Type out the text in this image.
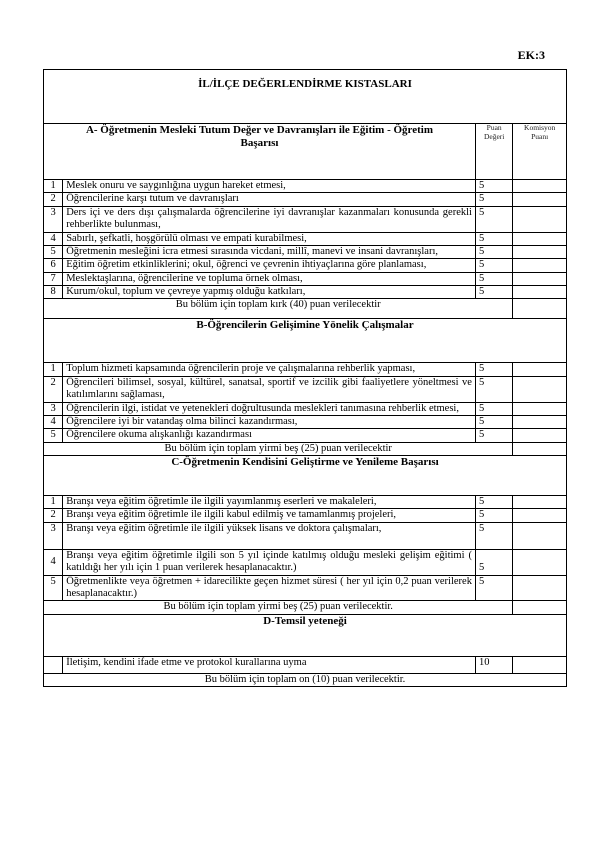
EK:3
İL/İLÇE DEĞERLENDİRME KISTASLARI			
A- Öğretmenin Mesleki Tutum Değer ve Davranışları ile Eğitim - Öğretim Başarısı		Puan Değeri	Komisyon Puanı
1	Meslek onuru ve saygınlığına uygun hareket etmesi,	5	
2	Öğrencilerine karşı tutum ve davranışları	5	
3	Ders içi ve ders dışı çalışmalarda öğrencilerine iyi davranışlar kazanmaları konusunda gerekli rehberlikte bulunması,	5	
4	Sabırlı, şefkatli, hoşgörülü olması ve empati kurabilmesi,	5	
5	Öğretmenin mesleğini icra etmesi sırasında vicdani, millî, manevi ve insani davranışları,	5	
6	Eğitim öğretim etkinliklerini; okul, öğrenci ve çevrenin ihtiyaçlarına göre planlaması,	5	
7	Meslektaşlarına, öğrencilerine ve topluma örnek olması,	5	
8	Kurum/okul, toplum ve çevreye yapmış olduğu katkıları,	5	
Bu bölüm için toplam kırk (40) puan verilecektir			
B-Öğrencilerin Gelişimine Yönelik Çalışmalar			
1	Toplum hizmeti kapsamında öğrencilerin proje ve çalışmalarına rehberlik yapması,	5	
2	Öğrencileri bilimsel, sosyal, kültürel, sanatsal, sportif ve izcilik gibi faaliyetlere yöneltmesi ve katılımlarını sağlaması,	5	
3	Öğrencilerin ilgi, istidat ve yetenekleri doğrultusunda meslekleri tanımasına rehberlik etmesi,	5	
4	Öğrencilere iyi bir vatandaş olma bilinci kazandırması,	5	
5	Öğrencilere okuma alışkanlığı kazandırması	5	
Bu bölüm için toplam yirmi beş (25) puan verilecektir			
C-Öğretmenin Kendisini Geliştirme ve Yenileme Başarısı			
1	Branşı veya eğitim öğretimle ile ilgili yayımlanmış eserleri ve makaleleri,	5	
2	Branşı veya eğitim öğretimle ile ilgili kabul edilmiş ve tamamlanmış projeleri,	5	
3	Branşı veya eğitim öğretimle ile ilgili yüksek lisans ve doktora çalışmaları,	5	
4	Branşı veya eğitim öğretimle ilgili son 5 yıl içinde katılmış olduğu mesleki gelişim eğitimi ( katıldığı her yılı için 1 puan verilerek hesaplanacaktır.)	5	
5	Öğretmenlikte veya öğretmen + idarecilikte geçen hizmet süresi ( her yıl için 0,2 puan verilerek hesaplanacaktır.)	5	
Bu bölüm için toplam yirmi beş (25) puan verilecektir.			
D-Temsil yeteneği			
	İletişim, kendini ifade etme ve protokol kurallarına uyma	10	
Bu bölüm için toplam on (10) puan verilecektir.			
